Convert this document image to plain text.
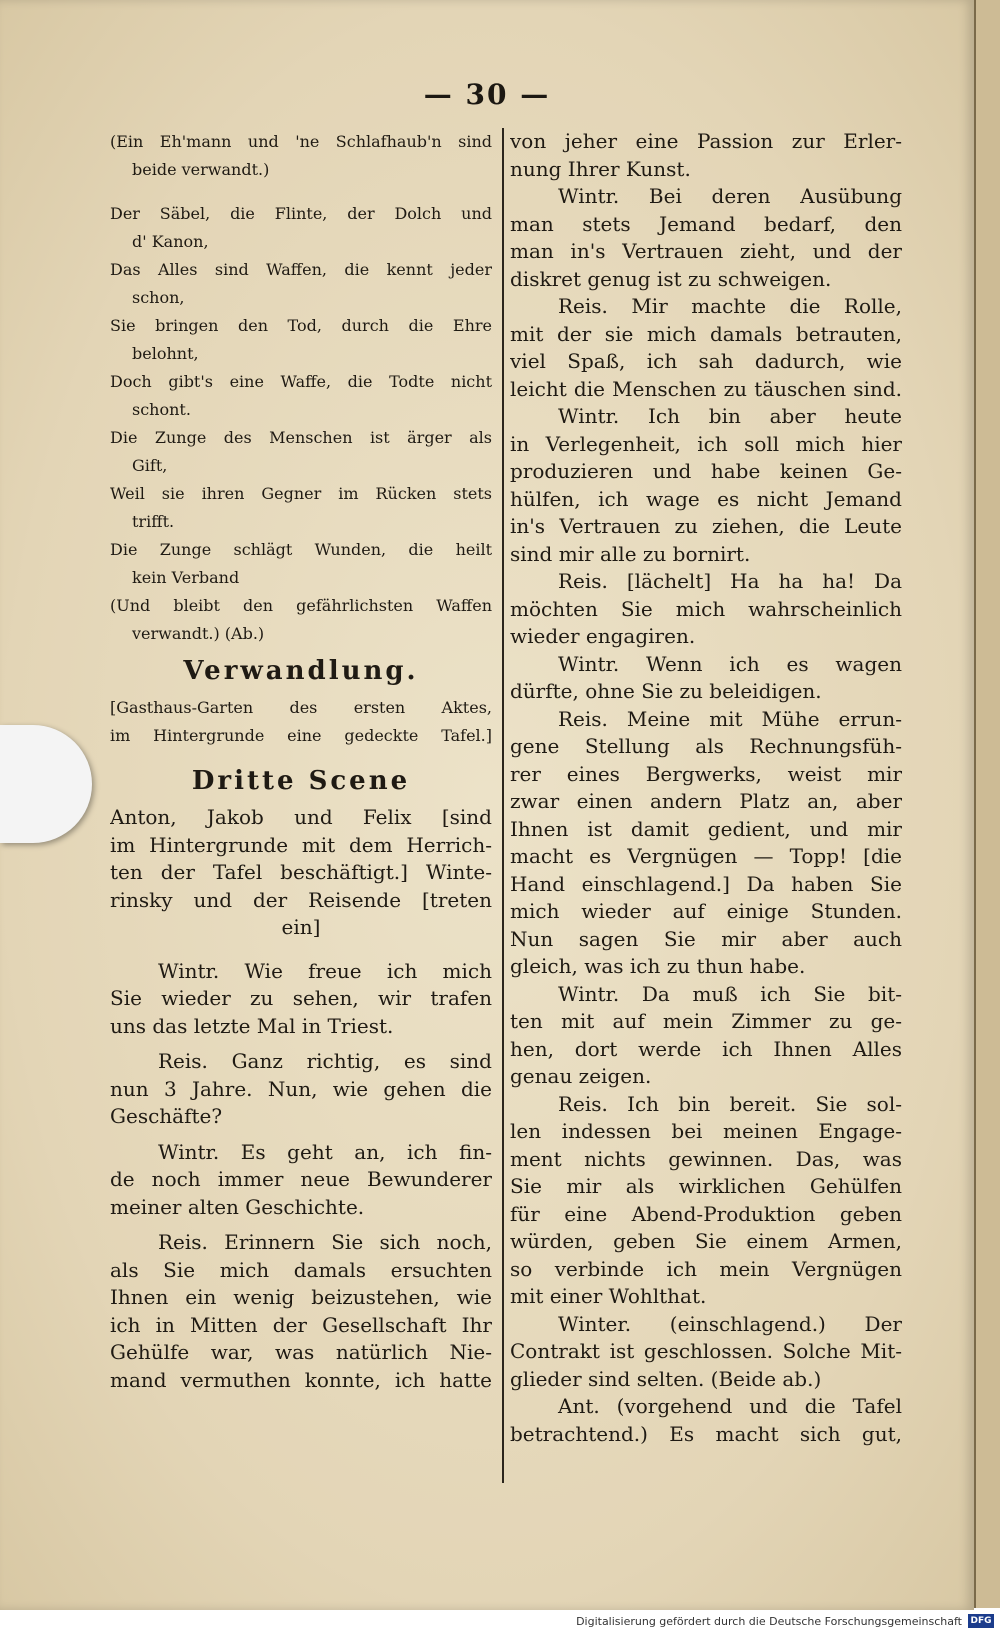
— 30 —
(Ein Eh'mann und 'ne Schlafhaub'n sind
beide verwandt.)
Der Säbel, die Flinte, der Dolch und
d' Kanon,
Das Alles sind Waffen, die kennt jeder
schon,
Sie bringen den Tod, durch die Ehre
belohnt,
Doch gibt's eine Waffe, die Todte nicht
schont.
Die Zunge des Menschen ist ärger als
Gift,
Weil sie ihren Gegner im Rücken stets
trifft.
Die Zunge schlägt Wunden, die heilt
kein Verband
(Und bleibt den gefährlichsten Waffen
verwandt.) (Ab.)
Verwandlung.
[Gasthaus-Garten des ersten Aktes,
im Hintergrunde eine gedeckte Tafel.]
Dritte Scene
Anton, Jakob und Felix [sind
im Hintergrunde mit dem Herrich-
ten der Tafel beschäftigt.] Winte-
rinsky und der Reisende [treten
ein]
Wintr. Wie freue ich mich
Sie wieder zu sehen, wir trafen
uns das letzte Mal in Triest.
Reis. Ganz richtig, es sind
nun 3 Jahre. Nun, wie gehen die
Geschäfte?
Wintr. Es geht an, ich fin-
de noch immer neue Bewunderer
meiner alten Geschichte.
Reis. Erinnern Sie sich noch,
als Sie mich damals ersuchten
Ihnen ein wenig beizustehen, wie
ich in Mitten der Gesellschaft Ihr
Gehülfe war, was natürlich Nie-
mand vermuthen konnte, ich hatte
von jeher eine Passion zur Erler-
nung Ihrer Kunst.
Wintr. Bei deren Ausübung
man stets Jemand bedarf, den
man in's Vertrauen zieht, und der
diskret genug ist zu schweigen.
Reis. Mir machte die Rolle,
mit der sie mich damals betrauten,
viel Spaß, ich sah dadurch, wie
leicht die Menschen zu täuschen sind.
Wintr. Ich bin aber heute
in Verlegenheit, ich soll mich hier
produzieren und habe keinen Ge-
hülfen, ich wage es nicht Jemand
in's Vertrauen zu ziehen, die Leute
sind mir alle zu bornirt.
Reis. [lächelt] Ha ha ha! Da
möchten Sie mich wahrscheinlich
wieder engagiren.
Wintr. Wenn ich es wagen
dürfte, ohne Sie zu beleidigen.
Reis. Meine mit Mühe errun-
gene Stellung als Rechnungsfüh-
rer eines Bergwerks, weist mir
zwar einen andern Platz an, aber
Ihnen ist damit gedient, und mir
macht es Vergnügen — Topp! [die
Hand einschlagend.] Da haben Sie
mich wieder auf einige Stunden.
Nun sagen Sie mir aber auch
gleich, was ich zu thun habe.
Wintr. Da muß ich Sie bit-
ten mit auf mein Zimmer zu ge-
hen, dort werde ich Ihnen Alles
genau zeigen.
Reis. Ich bin bereit. Sie sol-
len indessen bei meinen Engage-
ment nichts gewinnen. Das, was
Sie mir als wirklichen Gehülfen
für eine Abend-Produktion geben
würden, geben Sie einem Armen,
so verbinde ich mein Vergnügen
mit einer Wohlthat.
Winter. (einschlagend.) Der
Contrakt ist geschlossen. Solche Mit-
glieder sind selten. (Beide ab.)
Ant. (vorgehend und die Tafel
betrachtend.) Es macht sich gut,
Digitalisierung gefördert durch die Deutsche Forschungsgemeinschaft DFG
